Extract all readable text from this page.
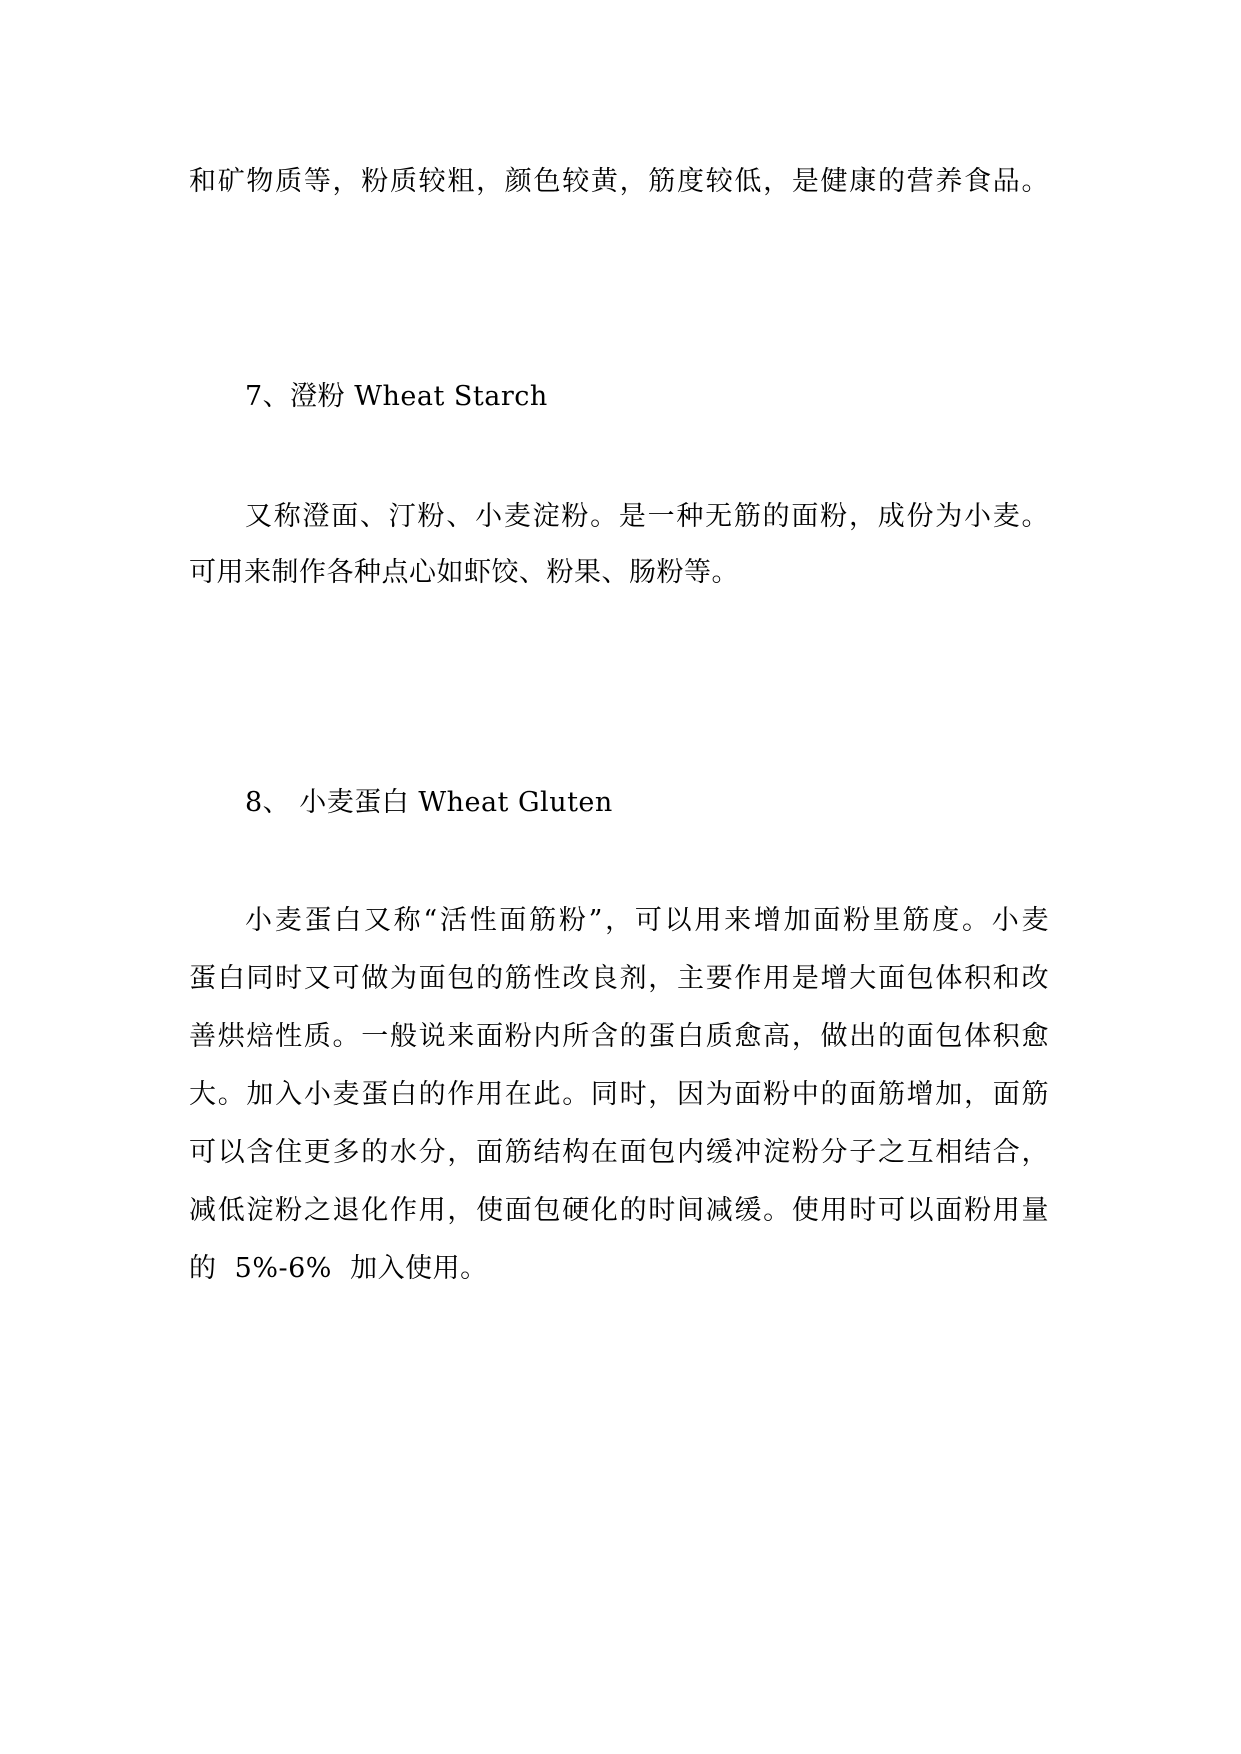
和矿物质等，粉质较粗，颜色较黄，筋度较低，是健康的营养食品。
7、澄粉 Wheat Starch
又称澄面、汀粉、小麦淀粉。是一种无筋的面粉，成份为小麦。
可用来制作各种点心如虾饺、粉果、肠粉等。
8、 小麦蛋白 Wheat Gluten
小麦蛋白又称“活性面筋粉”，可以用来增加面粉里筋度。小麦
蛋白同时又可做为面包的筋性改良剂，主要作用是增大面包体积和改
善烘焙性质。一般说来面粉内所含的蛋白质愈高，做出的面包体积愈
大。加入小麦蛋白的作用在此。同时，因为面粉中的面筋增加，面筋
可以含住更多的水分，面筋结构在面包内缓冲淀粉分子之互相结合，
减低淀粉之退化作用，使面包硬化的时间减缓。使用时可以面粉用量
的  5%-6%  加入使用。
